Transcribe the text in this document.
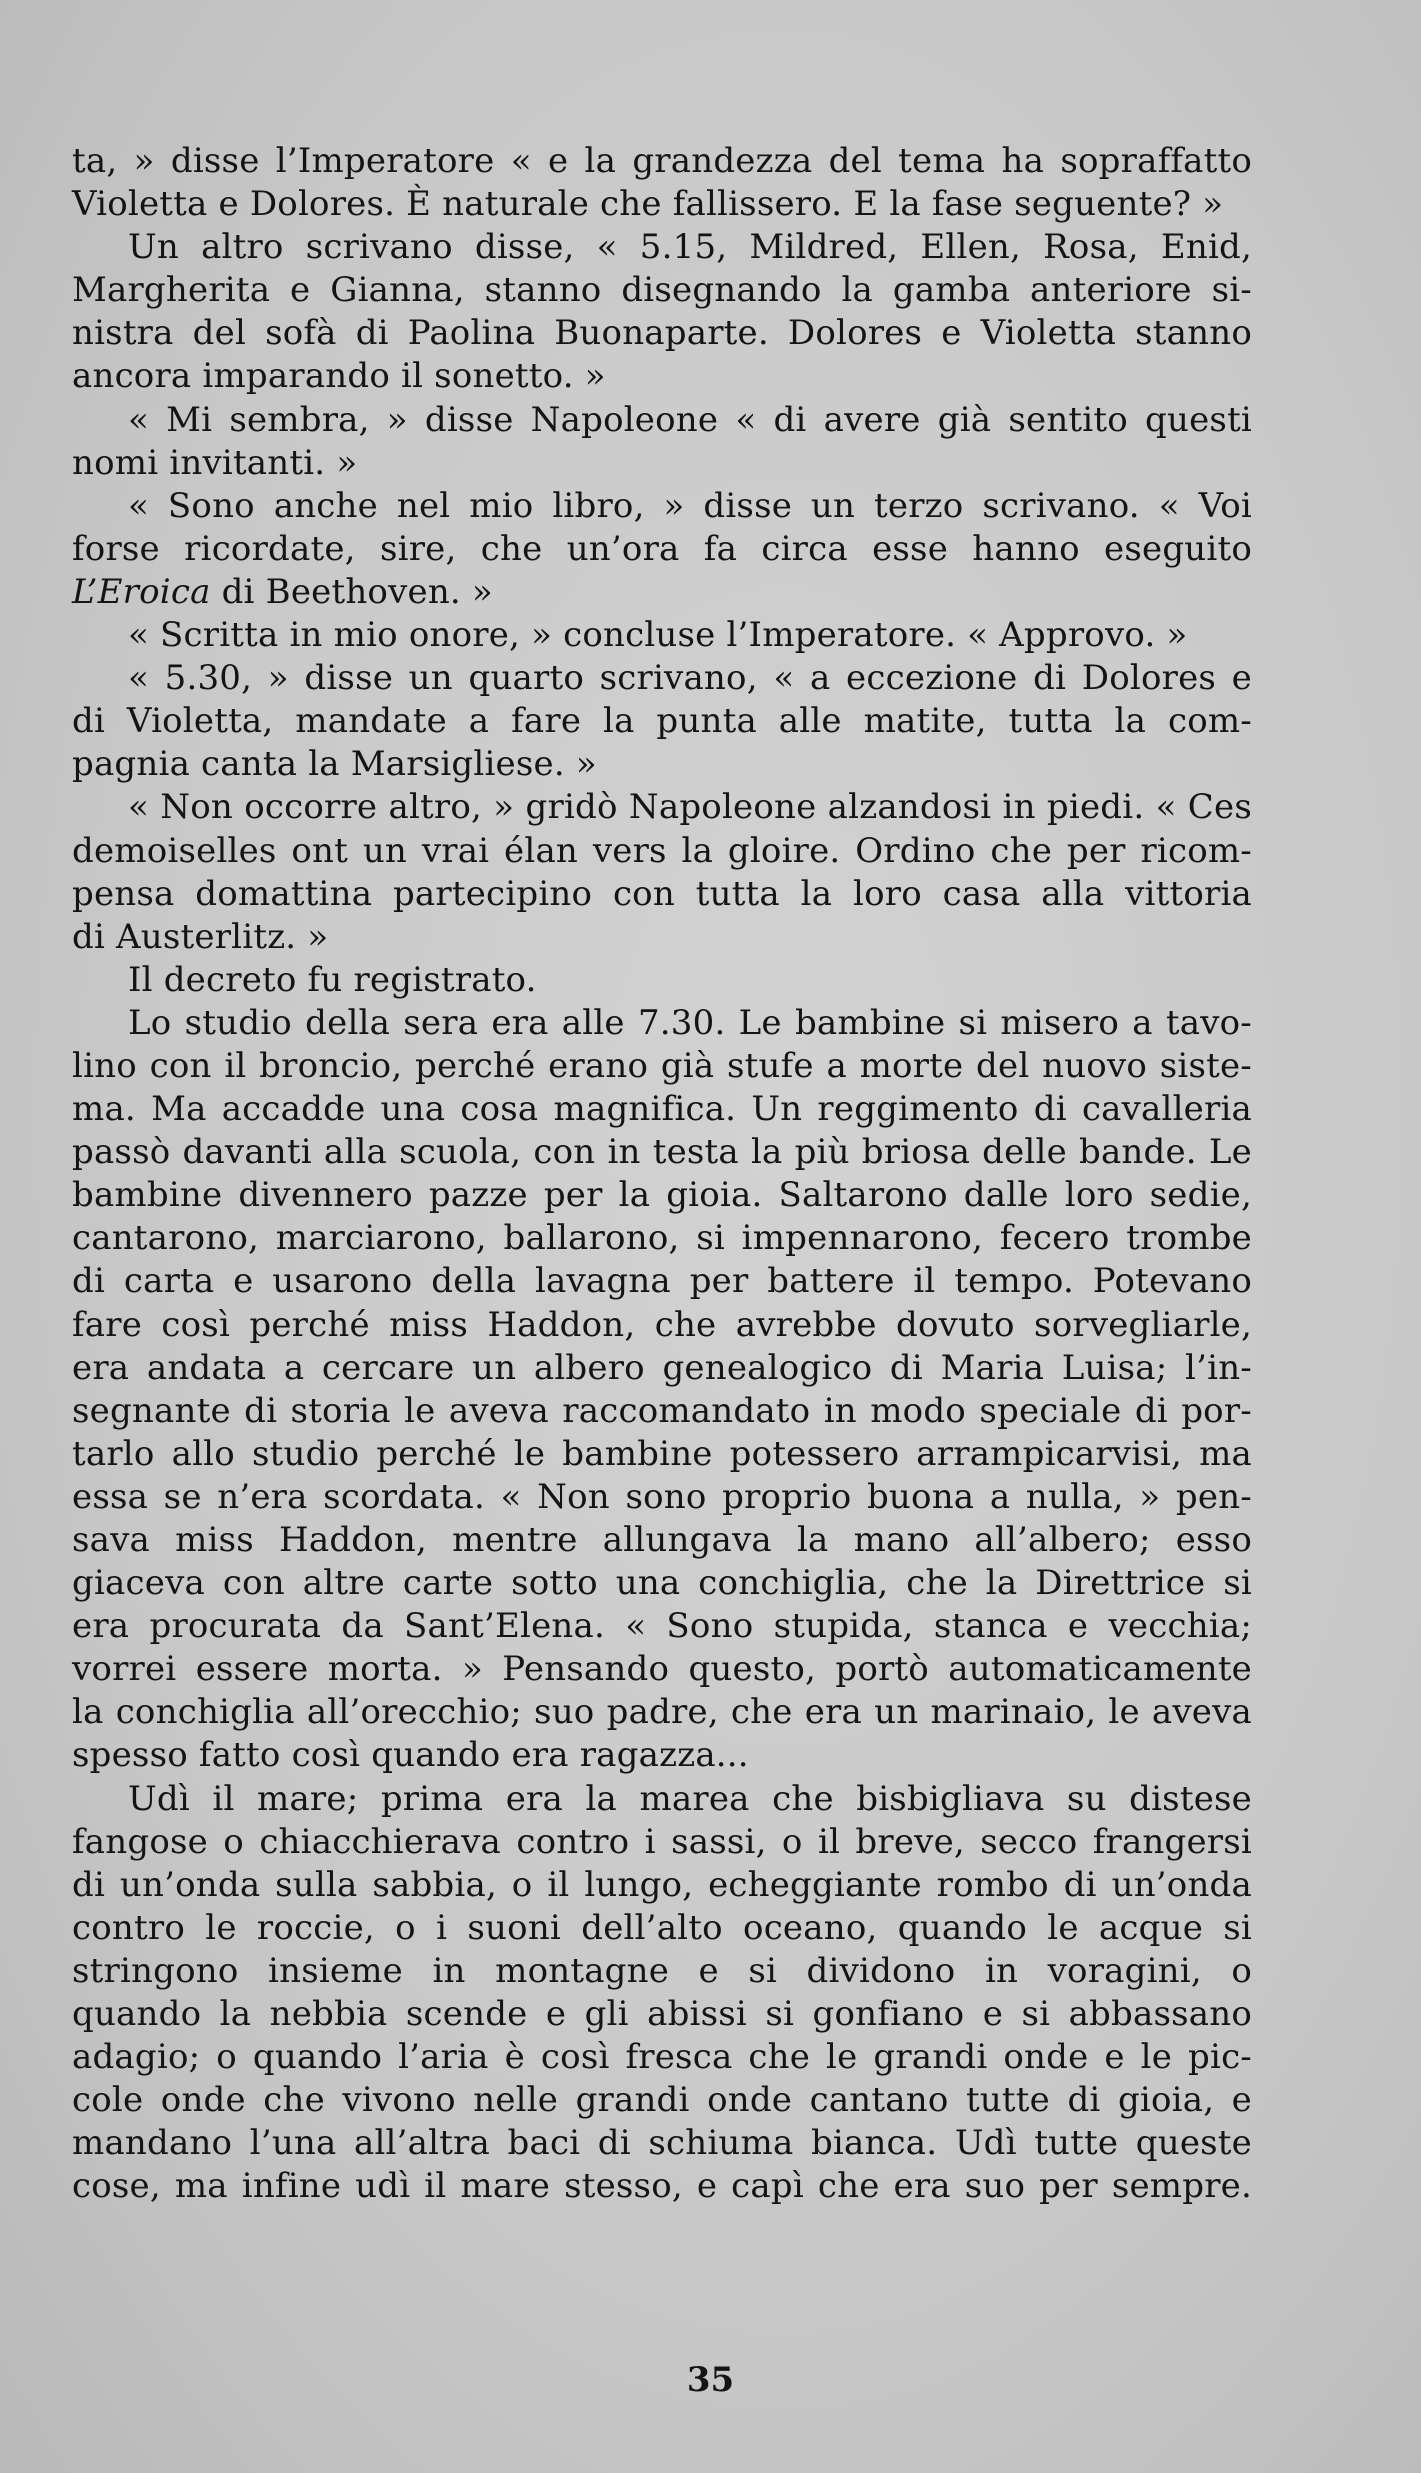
ta, » disse l’Imperatore « e la grandezza del tema ha sopraffatto
Violetta e Dolores. È naturale che fallissero. E la fase seguente? »
Un altro scrivano disse, « 5.15, Mildred, Ellen, Rosa, Enid,
Margherita e Gianna, stanno disegnando la gamba anteriore si-
nistra del sofà di Paolina Buonaparte. Dolores e Violetta stanno
ancora imparando il sonetto. »
« Mi sembra, » disse Napoleone « di avere già sentito questi
nomi invitanti. »
« Sono anche nel mio libro, » disse un terzo scrivano. « Voi
forse ricordate, sire, che un’ora fa circa esse hanno eseguito
L’Eroica di Beethoven. »
« Scritta in mio onore, » concluse l’Imperatore. « Approvo. »
« 5.30, » disse un quarto scrivano, « a eccezione di Dolores e
di Violetta, mandate a fare la punta alle matite, tutta la com-
pagnia canta la Marsigliese. »
« Non occorre altro, » gridò Napoleone alzandosi in piedi. « Ces
demoiselles ont un vrai élan vers la gloire. Ordino che per ricom-
pensa domattina partecipino con tutta la loro casa alla vittoria
di Austerlitz. »
Il decreto fu registrato.
Lo studio della sera era alle 7.30. Le bambine si misero a tavo-
lino con il broncio, perché erano già stufe a morte del nuovo siste-
ma. Ma accadde una cosa magnifica. Un reggimento di cavalleria
passò davanti alla scuola, con in testa la più briosa delle bande. Le
bambine divennero pazze per la gioia. Saltarono dalle loro sedie,
cantarono, marciarono, ballarono, si impennarono, fecero trombe
di carta e usarono della lavagna per battere il tempo. Potevano
fare così perché miss Haddon, che avrebbe dovuto sorvegliarle,
era andata a cercare un albero genealogico di Maria Luisa; l’in-
segnante di storia le aveva raccomandato in modo speciale di por-
tarlo allo studio perché le bambine potessero arrampicarvisi, ma
essa se n’era scordata. « Non sono proprio buona a nulla, » pen-
sava miss Haddon, mentre allungava la mano all’albero; esso
giaceva con altre carte sotto una conchiglia, che la Direttrice si
era procurata da Sant’Elena. « Sono stupida, stanca e vecchia;
vorrei essere morta. » Pensando questo, portò automaticamente
la conchiglia all’orecchio; suo padre, che era un marinaio, le aveva
spesso fatto così quando era ragazza...
Udì il mare; prima era la marea che bisbigliava su distese
fangose o chiacchierava contro i sassi, o il breve, secco frangersi
di un’onda sulla sabbia, o il lungo, echeggiante rombo di un’onda
contro le roccie, o i suoni dell’alto oceano, quando le acque si
stringono insieme in montagne e si dividono in voragini, o
quando la nebbia scende e gli abissi si gonfiano e si abbassano
adagio; o quando l’aria è così fresca che le grandi onde e le pic-
cole onde che vivono nelle grandi onde cantano tutte di gioia, e
mandano l’una all’altra baci di schiuma bianca. Udì tutte queste
cose, ma infine udì il mare stesso, e capì che era suo per sempre.
35
